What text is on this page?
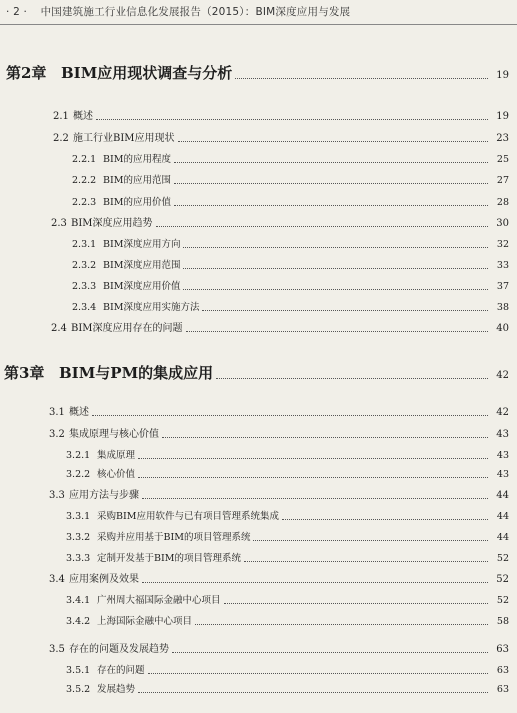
· 2 · 中国建筑施工行业信息化发展报告（2015）：BIM深度应用与发展
第2章 BIM应用现状调查与分析	19
2.1 概述	19
2.2 施工行业BIM应用现状	23
2.2.1 BIM的应用程度	25
2.2.2 BIM的应用范围	27
2.2.3 BIM的应用价值	28
2.3 BIM深度应用趋势	30
2.3.1 BIM深度应用方向	32
2.3.2 BIM深度应用范围	33
2.3.3 BIM深度应用价值	37
2.3.4 BIM深度应用实施方法	38
2.4 BIM深度应用存在的问题	40
第3章 BIM与PM的集成应用	42
3.1 概述	42
3.2 集成原理与核心价值	43
3.2.1 集成原理	43
3.2.2 核心价值	43
3.3 应用方法与步骤	44
3.3.1 采购BIM应用软件与已有项目管理系统集成	44
3.3.2 采购并应用基于BIM的项目管理系统	44
3.3.3 定制开发基于BIM的项目管理系统	52
3.4 应用案例及效果	52
3.4.1 广州周大福国际金融中心项目	52
3.4.2 上海国际金融中心项目	58
3.5 存在的问题及发展趋势	63
3.5.1 存在的问题	63
3.5.2 发展趋势	63
